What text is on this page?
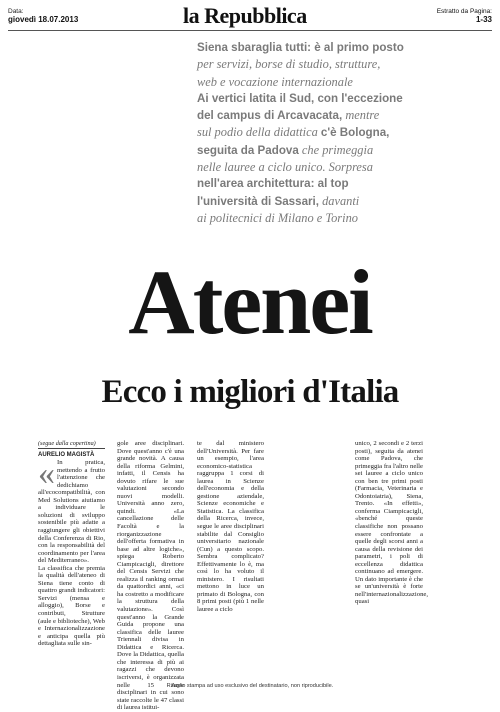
Data:
giovedì 18.07.2013	la Repubblica	Estratto da Pagina:
1-33
Siena sbaraglia tutti: è al primo posto
per servizi, borse di studio, strutture,
web e vocazione internazionale
Ai vertici latita il Sud, con l'eccezione
del campus di Arcavacata, mentre
sul podio della didattica c'è Bologna,
seguita da Padova che primeggia
nelle lauree a ciclo unico. Sorpresa
nell'area architettura: al top
l'università di Sassari, davanti
ai politecnici di Milano e Torino
Atenei
Ecco i migliori d'Italia

(segue dalla copertina)

AURELIO MAGISTÀ

« In pratica, mettendo a frutto l'attenzione che dedichiamo all'ecocompatibilità, con Med Solutions aiutiamo a individuare le soluzioni di sviluppo sostenibile più adatte a raggiungere gli obiettivi della Conferenza di Rio, con la responsabilità del coordinamento per l'area del Mediterraneo».

La classifica che premia la qualità dell'ateneo di Siena tiene conto di quattro grandi indicatori: Servizi (mensa e alloggio), Borse e contributi, Strutture (aule e biblioteche), Web e Internazionalizzazione e anticipa quella più dettagliata sulle sin-

gole aree disciplinari. Dove quest'anno c'è una grande novità. A causa della riforma Gelmini, infatti, il Censis ha dovuto rifare le sue valutazioni secondo nuovi modelli. Università anno zero, quindi. «La cancellazione delle Facoltà e la riorganizzazione dell'offerta formativa in base ad altre logiche», spiega Roberto Ciampicacigli, direttore del Censis Servizi che realizza il ranking ormai da quattordici anni, «ci ha costretto a modificare la struttura della valutazione». Così quest'anno la Grande Guida propone una classifica delle lauree Triennali divisa in Didattica e Ricerca. Dove la Didattica, quella che interessa di più ai ragazzi che devono iscriversi, è organizzata nelle 15 Aree disciplinari in cui sono state raccolte le 47 classi di laurea istitui-

te dal ministero dell'Università. Per fare un esempio, l'area economico-statistica raggruppa 1 corsi di laurea in Scienze dell'economia e della gestione aziendale, Scienze economiche e Statistica. La classifica della Ricerca, invece, segue le aree disciplinari stabilite dal Consiglio universitario nazionale (Cun) a questo scopo. Sembra complicato? Effettivamente lo è, ma così lo ha voluto il ministero. I risultati mettono in luce un primato di Bologna, con 8 primi posti (più 1 nelle lauree a ciclo

unico, 2 secondi e 2 terzi posti), seguita da atenei come Padova, che primeggia fra l'altro nelle sei lauree a ciclo unico con ben tre primi posti (Farmacia, Veterinaria e Odontoiatria), Siena, Trento. «In effetti», conferma Ciampicacigli, «benché queste classifiche non possano essere confrontate a quelle degli scorsi anni a causa della revisione dei parametri, i poli di eccellenza didattica continuano ad emergere. Un dato importante è che se un'università è forte nell'internazionalizzazione, quasi

Ritaglio stampa ad uso esclusivo del destinatario, non riproducibile.
